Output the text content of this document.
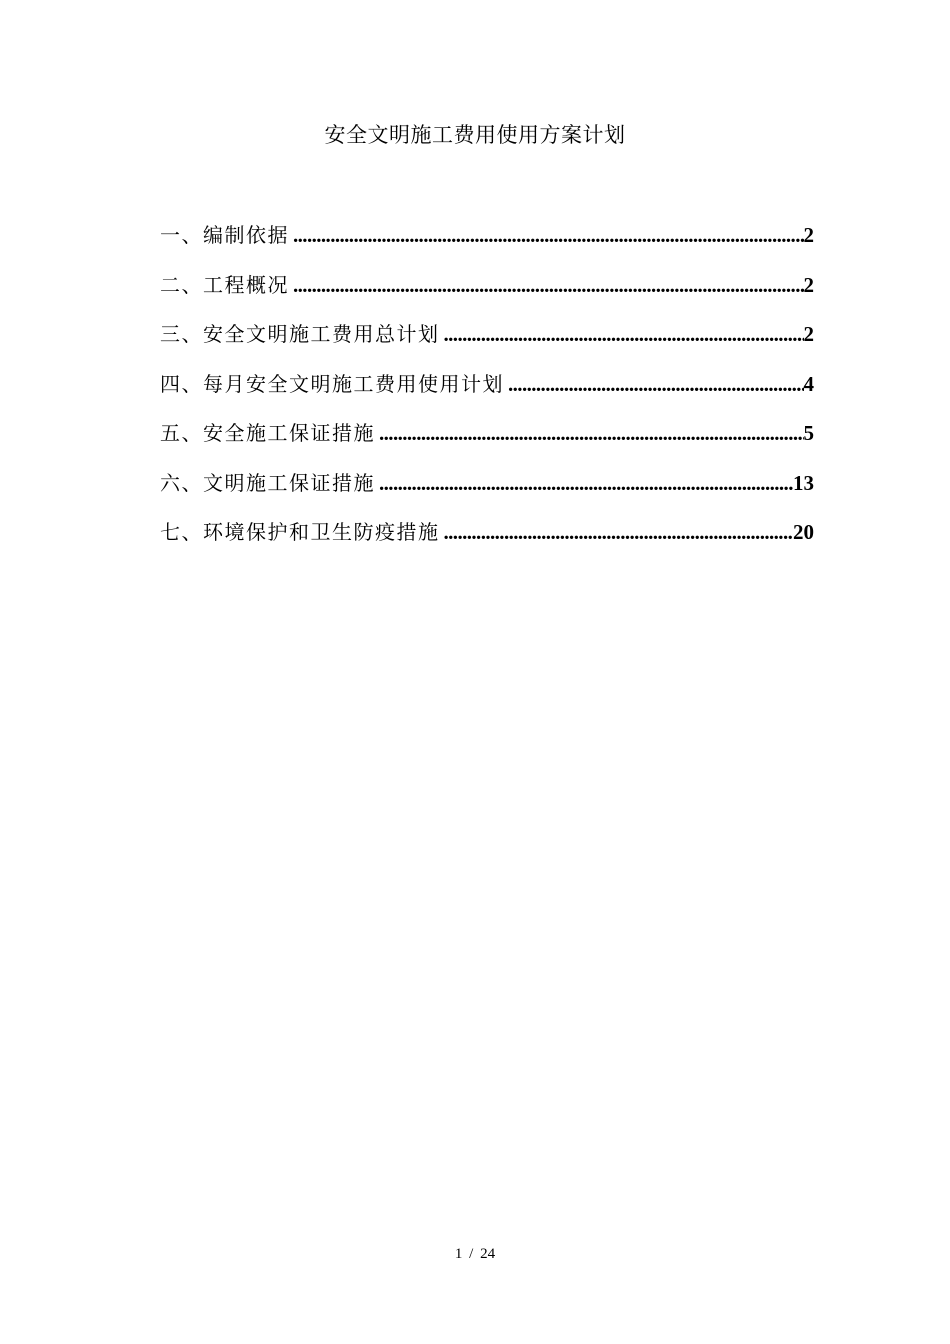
安全文明施工费用使用方案计划
一、编制依据 .....	2
二、工程概况 .....	2
三、安全文明施工费用总计划 .....	2
四、每月安全文明施工费用使用计划 .....	4
五、安全施工保证措施 .....	5
六、文明施工保证措施 .....	13
七、环境保护和卫生防疫措施 .....	20
1 / 24
